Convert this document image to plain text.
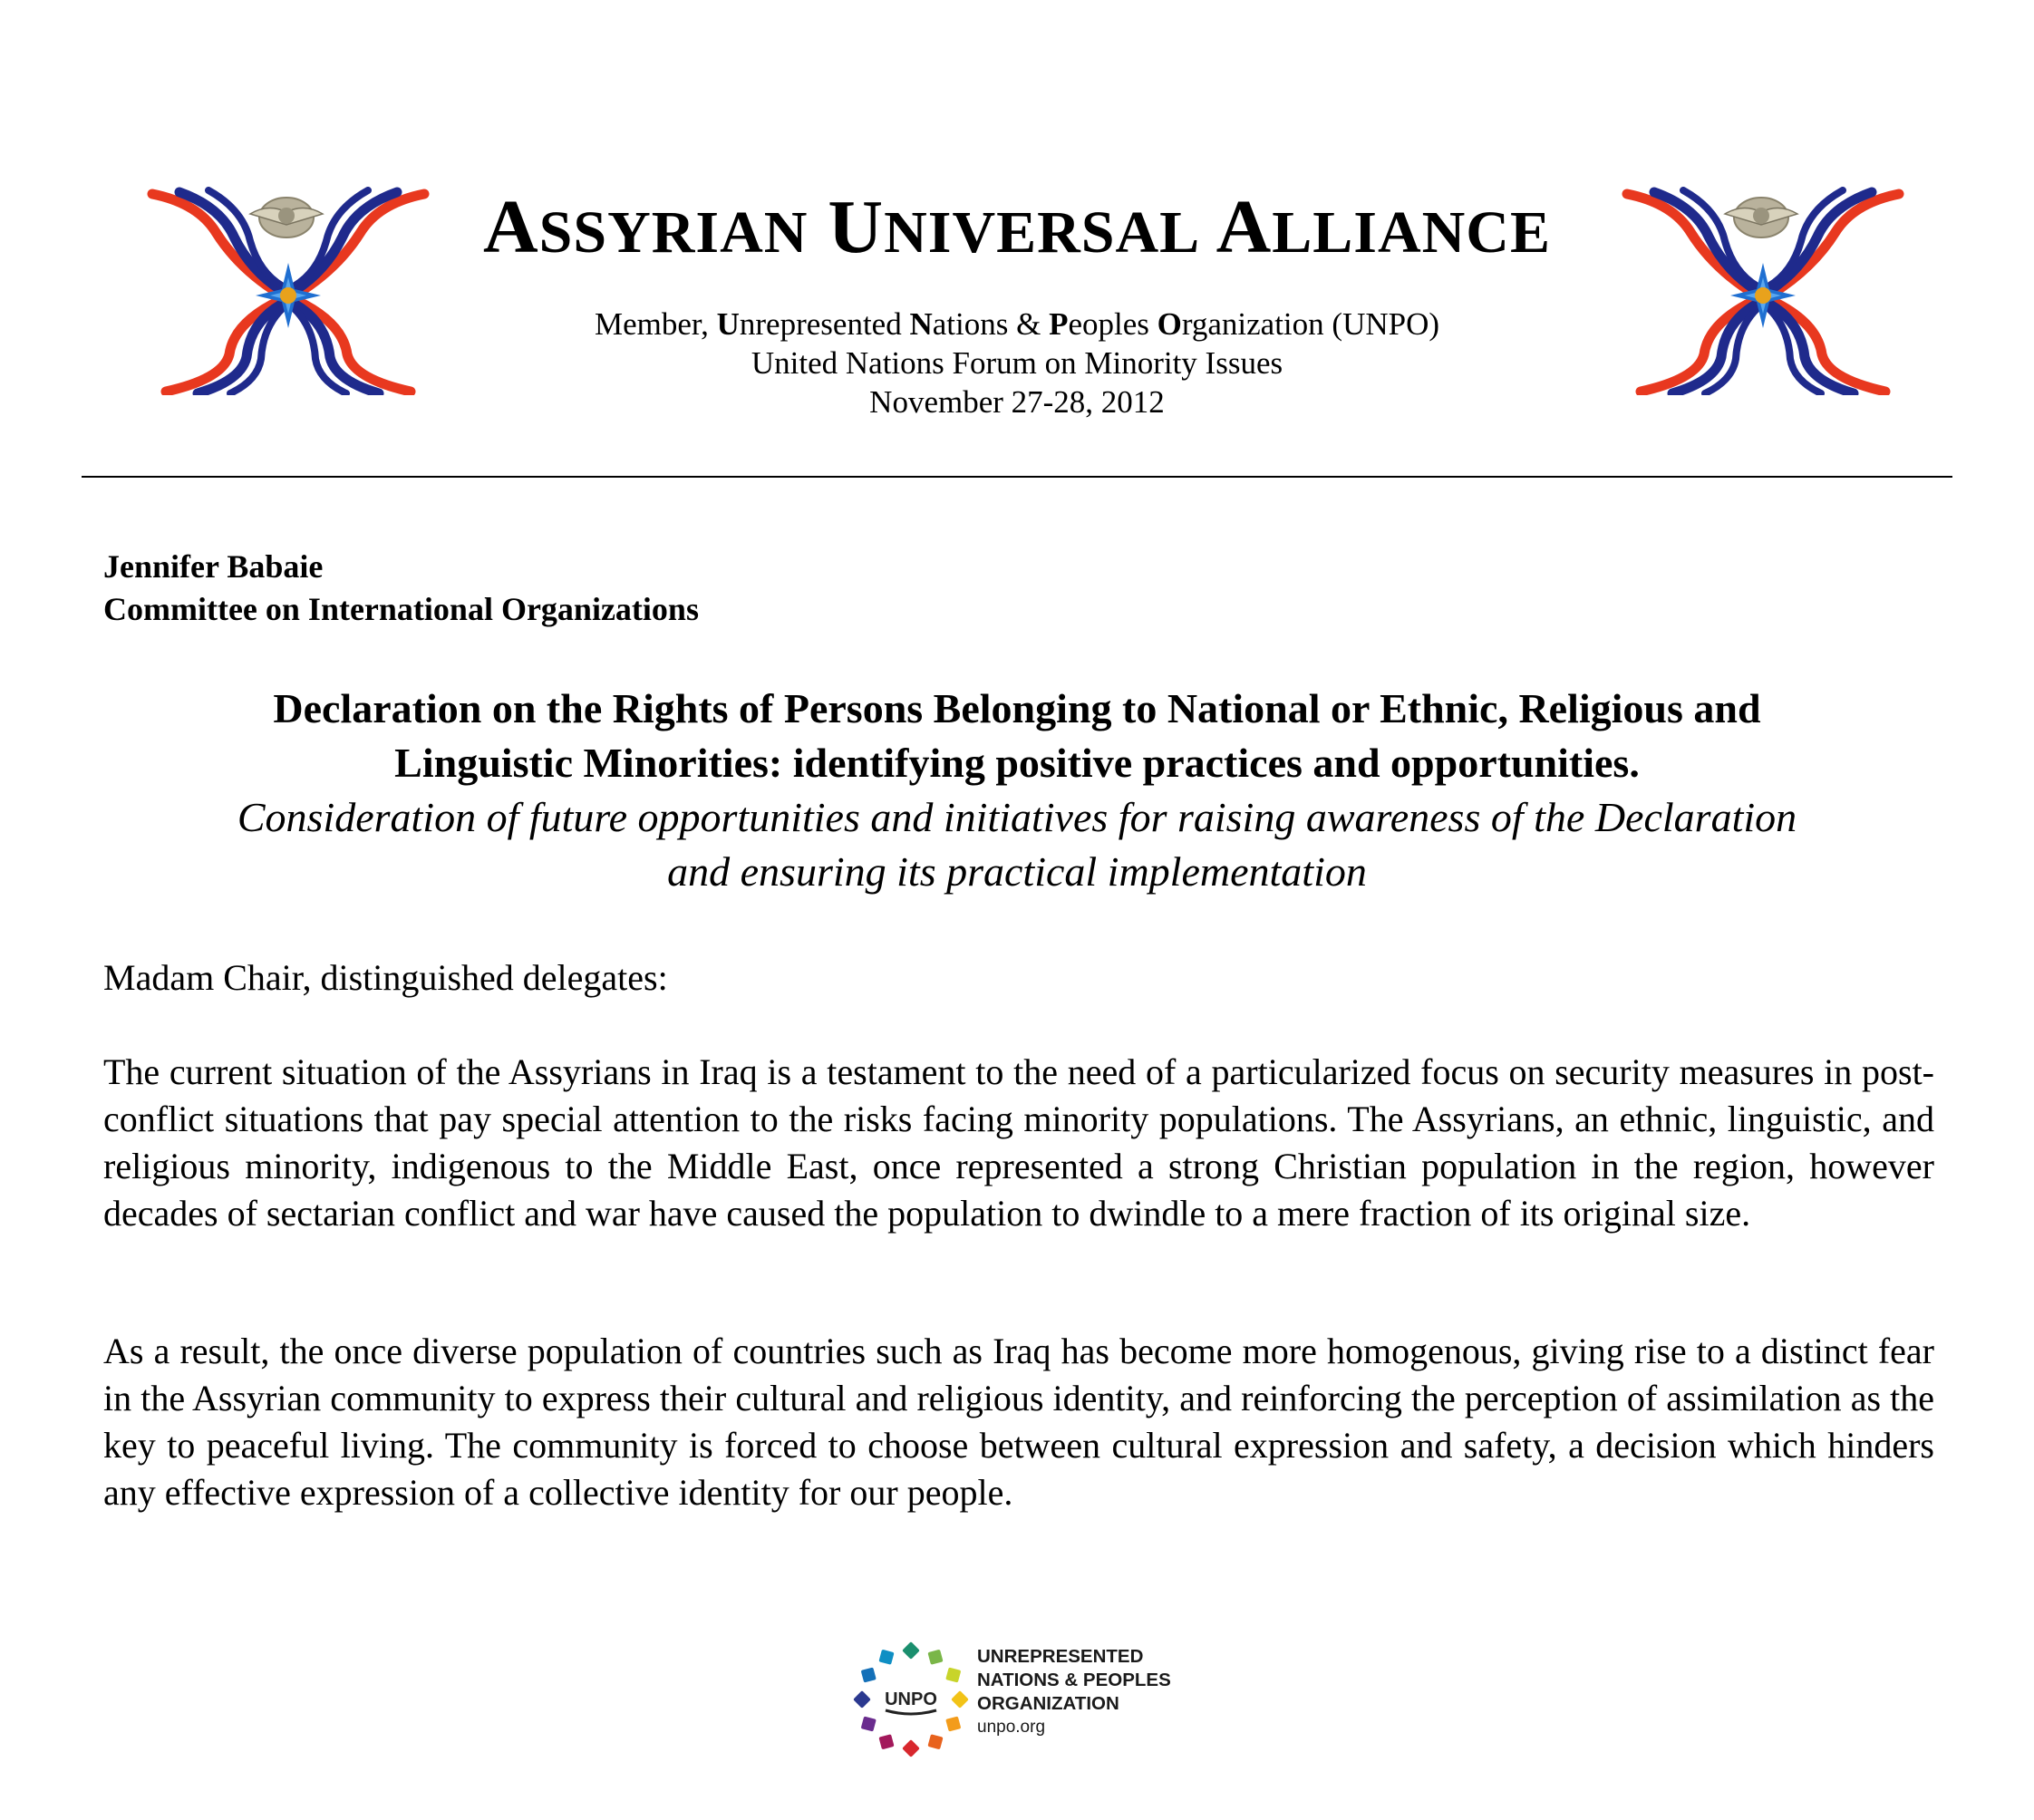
ASSYRIAN UNIVERSAL ALLIANCE
Member, Unrepresented Nations & Peoples Organization (UNPO)
United Nations Forum on Minority Issues
November 27-28, 2012
Jennifer Babaie
Committee on International Organizations
Declaration on the Rights of Persons Belonging to National or Ethnic, Religious and
Linguistic Minorities: identifying positive practices and opportunities.
Consideration of future opportunities and initiatives for raising awareness of the Declaration
and ensuring its practical implementation
Madam Chair, distinguished delegates:

The current situation of the Assyrians in Iraq is a testament to the need of a particularized focus on security measures in post-conflict situations that pay special attention to the risks facing minority populations. The Assyrians, an ethnic, linguistic, and religious minority, indigenous to the Middle East, once represented a strong Christian population in the region, however decades of sectarian conflict and war have caused the population to dwindle to a mere fraction of its original size.

As a result, the once diverse population of countries such as Iraq has become more homogenous, giving rise to a distinct fear in the Assyrian community to express their cultural and religious identity, and reinforcing the perception of assimilation as the key to peaceful living. The community is forced to choose between cultural expression and safety, a decision which hinders any effective expression of a collective identity for our people.

UNPO
UNREPRESENTED
NATIONS & PEOPLES
ORGANIZATION
unpo.org
